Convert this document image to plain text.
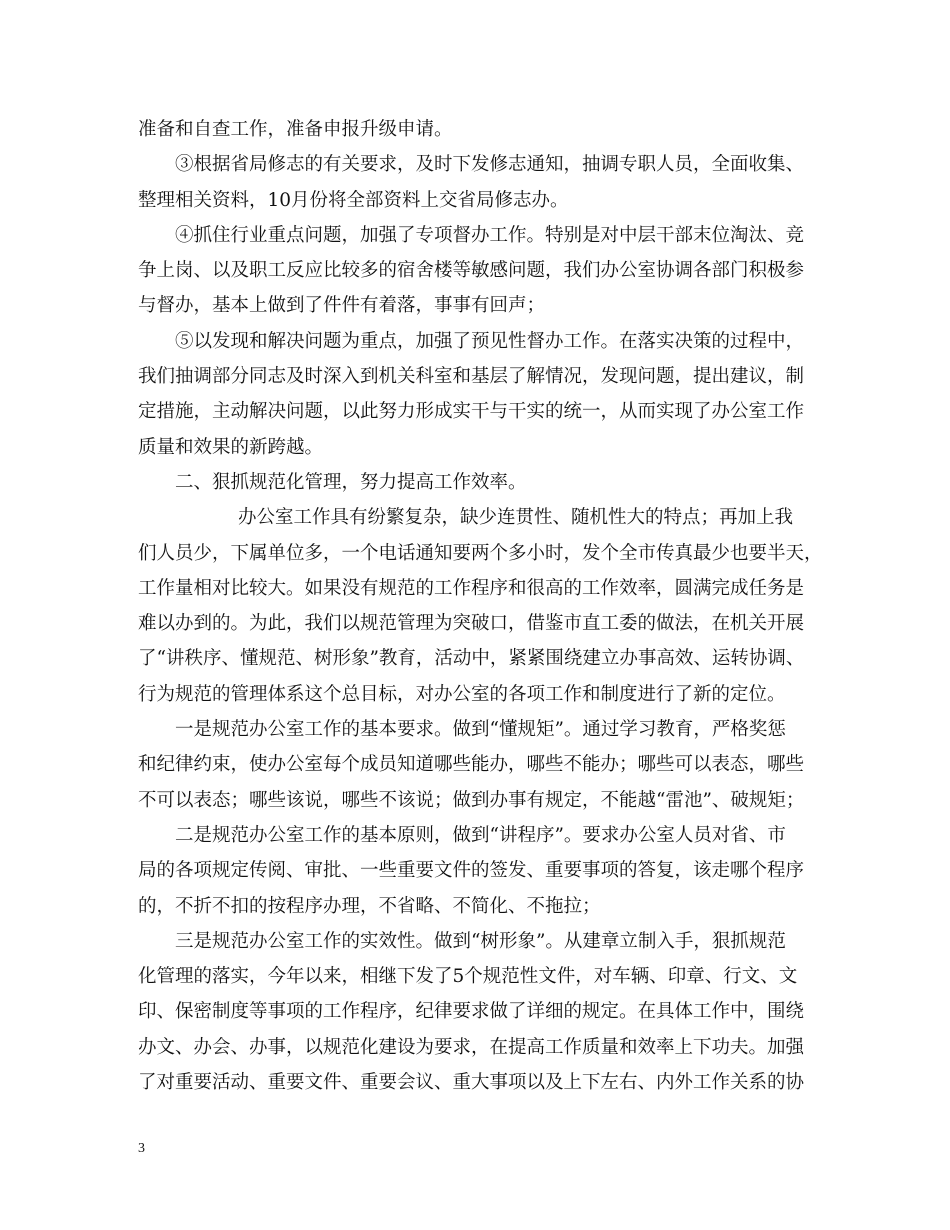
准备和自查工作，准备申报升级申请。
③根据省局修志的有关要求，及时下发修志通知，抽调专职人员，全面收集、
整理相关资料，10月份将全部资料上交省局修志办。
④抓住行业重点问题，加强了专项督办工作。特别是对中层干部末位淘汰、竞
争上岗、以及职工反应比较多的宿舍楼等敏感问题，我们办公室协调各部门积极参
与督办，基本上做到了件件有着落，事事有回声；
⑤以发现和解决问题为重点，加强了预见性督办工作。在落实决策的过程中，
我们抽调部分同志及时深入到机关科室和基层了解情况，发现问题，提出建议，制
定措施，主动解决问题，以此努力形成实干与干实的统一，从而实现了办公室工作
质量和效果的新跨越。
二、狠抓规范化管理，努力提高工作效率。
办公室工作具有纷繁复杂，缺少连贯性、随机性大的特点；再加上我
们人员少，下属单位多，一个电话通知要两个多小时，发个全市传真最少也要半天，
工作量相对比较大。如果没有规范的工作程序和很高的工作效率，圆满完成任务是
难以办到的。为此，我们以规范管理为突破口，借鉴市直工委的做法，在机关开展
了“讲秩序、懂规范、树形象”教育，活动中，紧紧围绕建立办事高效、运转协调、
行为规范的管理体系这个总目标，对办公室的各项工作和制度进行了新的定位。
一是规范办公室工作的基本要求。做到“懂规矩”。通过学习教育，严格奖惩
和纪律约束，使办公室每个成员知道哪些能办，哪些不能办；哪些可以表态，哪些
不可以表态；哪些该说，哪些不该说；做到办事有规定，不能越“雷池”、破规矩；
二是规范办公室工作的基本原则，做到“讲程序”。要求办公室人员对省、市
局的各项规定传阅、审批、一些重要文件的签发、重要事项的答复，该走哪个程序
的，不折不扣的按程序办理，不省略、不简化、不拖拉；
三是规范办公室工作的实效性。做到“树形象”。从建章立制入手，狠抓规范
化管理的落实，今年以来，相继下发了5个规范性文件，对车辆、印章、行文、文
印、保密制度等事项的工作程序，纪律要求做了详细的规定。在具体工作中，围绕
办文、办会、办事，以规范化建设为要求，在提高工作质量和效率上下功夫。加强
了对重要活动、重要文件、重要会议、重大事项以及上下左右、内外工作关系的协
3
